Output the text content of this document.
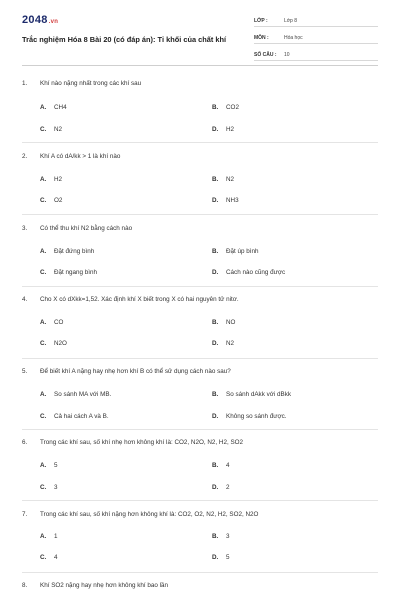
2048.vn
Trắc nghiệm Hóa 8 Bài 20 (có đáp án): Tỉ khối của chất khí
LỚP :	Lớp 8
MÔN :	Hóa học
SỐ CÂU :	10
1. Khí nào nặng nhất trong các khí sau
A. CH4	B. CO2
C. N2	D. H2
2. Khí A có dA/kk > 1 là khí nào
A. H2	B. N2
C. O2	D. NH3
3. Có thể thu khí N2 bằng cách nào
A. Đặt đứng bình	B. Đặt úp bình
C. Đặt ngang bình	D. Cách nào cũng được
4. Cho X có dXkk=1,52. Xác định khí X biết trong X có hai nguyên tử nitơ.
A. CO	B. NO
C. N2O	D. N2
5. Để biết khí A nặng hay nhẹ hơn khí B có thể sử dụng cách nào sau?
A. So sánh MA với MB.	B. So sánh dAkk với dBkk
C. Cả hai cách A và B.	D. Không so sánh được.
6. Trong các khí sau, số khí nhẹ hơn không khí là: CO2, N2O, N2, H2, SO2
A. 5	B. 4
C. 3	D. 2
7. Trong các khí sau, số khí nặng hơn không khí là: CO2, O2, N2, H2, SO2, N2O
A. 1	B. 3
C. 4	D. 5
8. Khí SO2 nặng hay nhẹ hơn không khí bao lần
